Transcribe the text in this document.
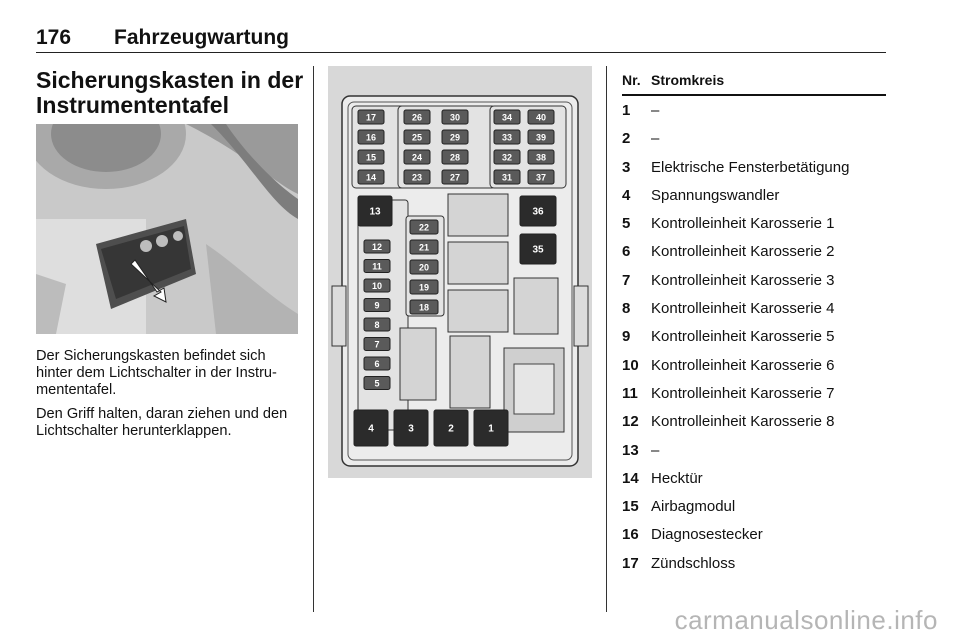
176 Fahrzeugwartung
Sicherungskasten in der Instrumententafel

Der Sicherungskasten befindet sich hinter dem Lichtschalter in der Instrumententafel.

Den Griff halten, daran ziehen und den Lichtschalter herunterklappen.

17
16
15
14
26
25
24
23
30
29
28
27
34
33
32
31
40
39
38
37
12
11
10
9
8
7
6
5
22
21
20
19
18
13	36
35
4	3	2	1
Nr. Stromkreis
1 –
2 –
3 Elektrische Fensterbetätigung
4 Spannungswandler
5 Kontrolleinheit Karosserie 1
6 Kontrolleinheit Karosserie 2
7 Kontrolleinheit Karosserie 3
8 Kontrolleinheit Karosserie 4
9 Kontrolleinheit Karosserie 5
10 Kontrolleinheit Karosserie 6
11 Kontrolleinheit Karosserie 7
12 Kontrolleinheit Karosserie 8
13 –
14 Hecktür
15 Airbagmodul
16 Diagnosestecker
17 Zündschloss
carmanualsonline.info
